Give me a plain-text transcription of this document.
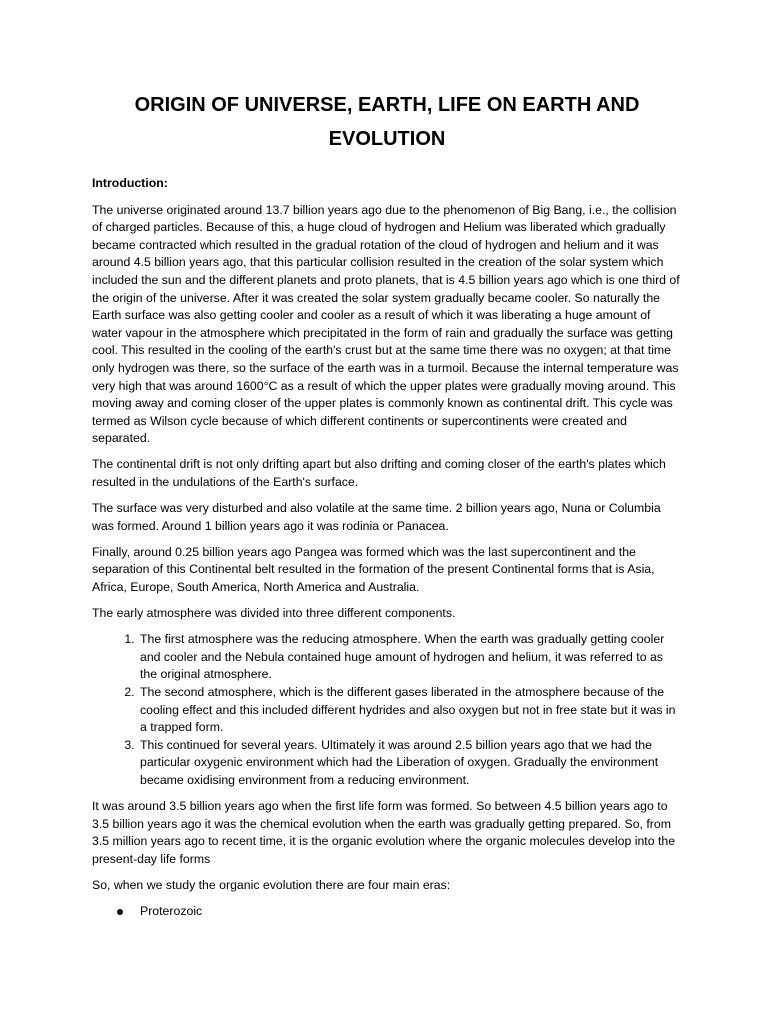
ORIGIN OF UNIVERSE, EARTH, LIFE ON EARTH AND EVOLUTION

Introduction:

The universe originated around 13.7 billion years ago due to the phenomenon of Big Bang, i.e., the collision of charged particles. Because of this, a huge cloud of hydrogen and Helium was liberated which gradually became contracted which resulted in the gradual rotation of the cloud of hydrogen and helium and it was around 4.5 billion years ago, that this particular collision resulted in the creation of the solar system which included the sun and the different planets and proto planets, that is 4.5 billion years ago which is one third of the origin of the universe. After it was created the solar system gradually became cooler. So naturally the Earth surface was also getting cooler and cooler as a result of which it was liberating a huge amount of water vapour in the atmosphere which precipitated in the form of rain and gradually the surface was getting cool. This resulted in the cooling of the earth's crust but at the same time there was no oxygen; at that time only hydrogen was there, so the surface of the earth was in a turmoil. Because the internal temperature was very high that was around 1600°C as a result of which the upper plates were gradually moving around. This moving away and coming closer of the upper plates is commonly known as continental drift. This cycle was termed as Wilson cycle because of which different continents or supercontinents were created and separated.

The continental drift is not only drifting apart but also drifting and coming closer of the earth's plates which resulted in the undulations of the Earth's surface.

The surface was very disturbed and also volatile at the same time. 2 billion years ago, Nuna or Columbia was formed. Around 1 billion years ago it was rodinia or Panacea.

Finally, around 0.25 billion years ago Pangea was formed which was the last supercontinent and the separation of this Continental belt resulted in the formation of the present Continental forms that is Asia, Africa, Europe, South America, North America and Australia.

The early atmosphere was divided into three different components.

1. The first atmosphere was the reducing atmosphere. When the earth was gradually getting cooler and cooler and the Nebula contained huge amount of hydrogen and helium, it was referred to as the original atmosphere.
2. The second atmosphere, which is the different gases liberated in the atmosphere because of the cooling effect and this included different hydrides and also oxygen but not in free state but it was in a trapped form.
3. This continued for several years. Ultimately it was around 2.5 billion years ago that we had the particular oxygenic environment which had the Liberation of oxygen. Gradually the environment became oxidising environment from a reducing environment.

It was around 3.5 billion years ago when the first life form was formed. So between 4.5 billion years ago to 3.5 billion years ago it was the chemical evolution when the earth was gradually getting prepared. So, from 3.5 million years ago to recent time, it is the organic evolution where the organic molecules develop into the present-day life forms

So, when we study the organic evolution there are four main eras:

Proterozoic
